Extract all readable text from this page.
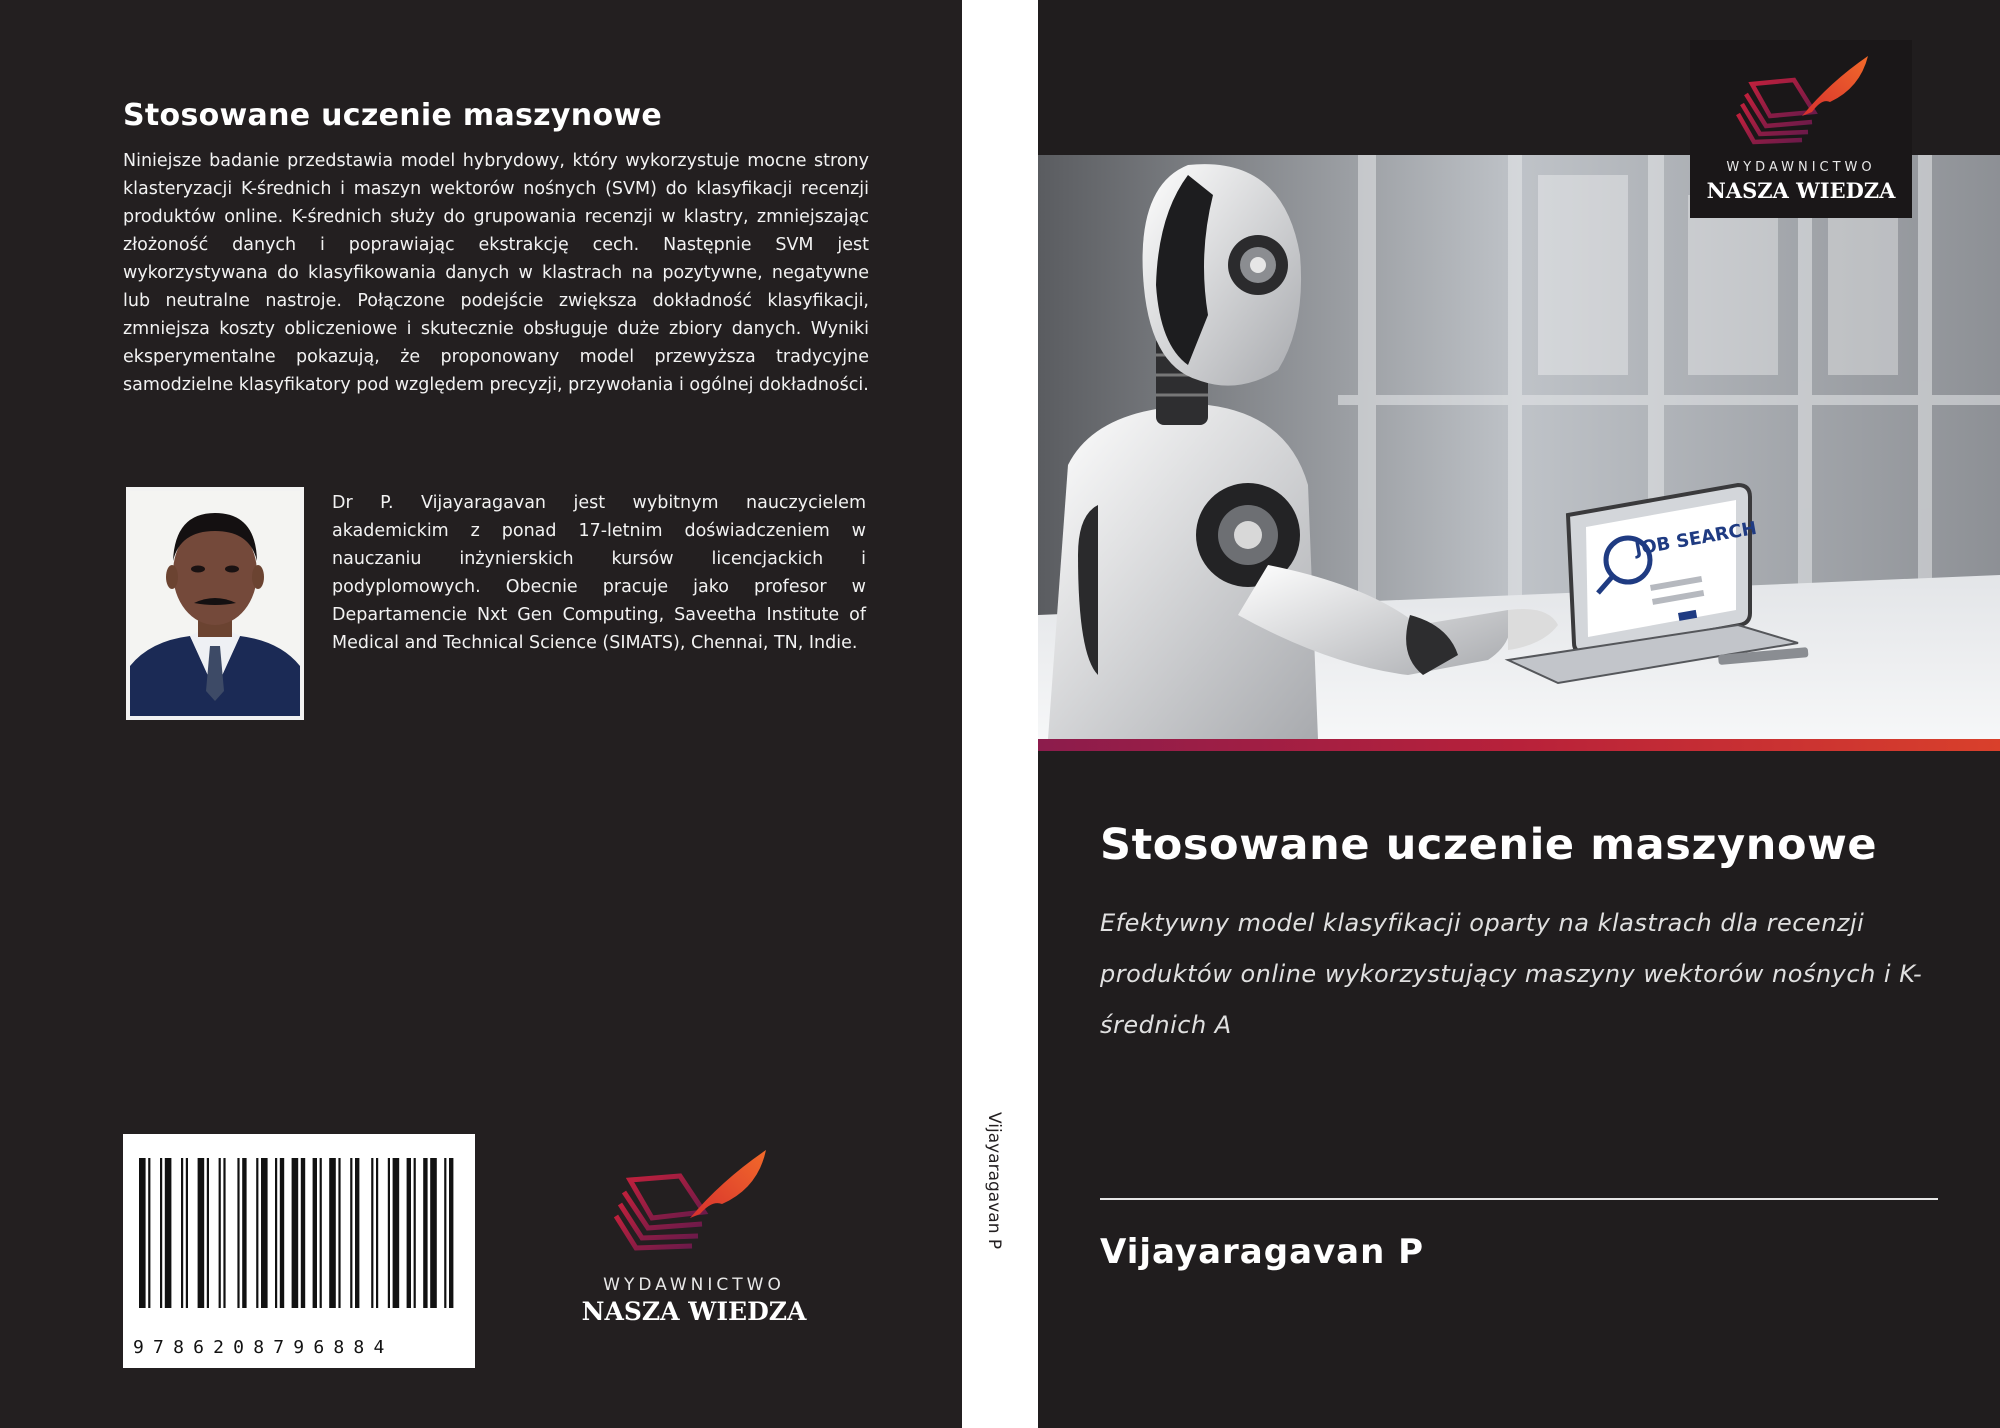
Stosowane uczenie maszynowe
Niniejsze badanie przedstawia model hybrydowy, który wykorzystuje mocne strony klasteryzacji K-średnich i maszyn wektorów nośnych (SVM) do klasyfikacji recenzji produktów online. K-średnich służy do grupowania recenzji w klastry, zmniejszając złożoność danych i poprawiając ekstrakcję cech. Następnie SVM jest wykorzystywana do klasyfikowania danych w klastrach na pozytywne, negatywne lub neutralne nastroje. Połączone podejście zwiększa dokładność klasyfikacji, zmniejsza koszty obliczeniowe i skutecznie obsługuje duże zbiory danych. Wyniki eksperymentalne pokazują, że proponowany model przewyższa tradycyjne samodzielne klasyfikatory pod względem precyzji, przywołania i ogólnej dokładności.
Dr P. Vijayaragavan jest wybitnym nauczycielem akademickim z ponad 17-letnim doświadczeniem w nauczaniu inżynierskich kursów licencjackich i podyplomowych. Obecnie pracuje jako profesor w Departamencie Nxt Gen Computing, Saveetha Institute of Medical and Technical Science (SIMATS), Chennai, TN, Indie.
9786208796884
WYDAWNICTWO
NASZA WIEDZA
Vijayaragavan P
JOB SEARCH
WYDAWNICTWO
NASZA WIEDZA
Stosowane uczenie maszynowe
Efektywny model klasyfikacji oparty na klastrach dla recenzji produktów online wykorzystujący maszyny wektorów nośnych i K-średnich A
Vijayaragavan P
